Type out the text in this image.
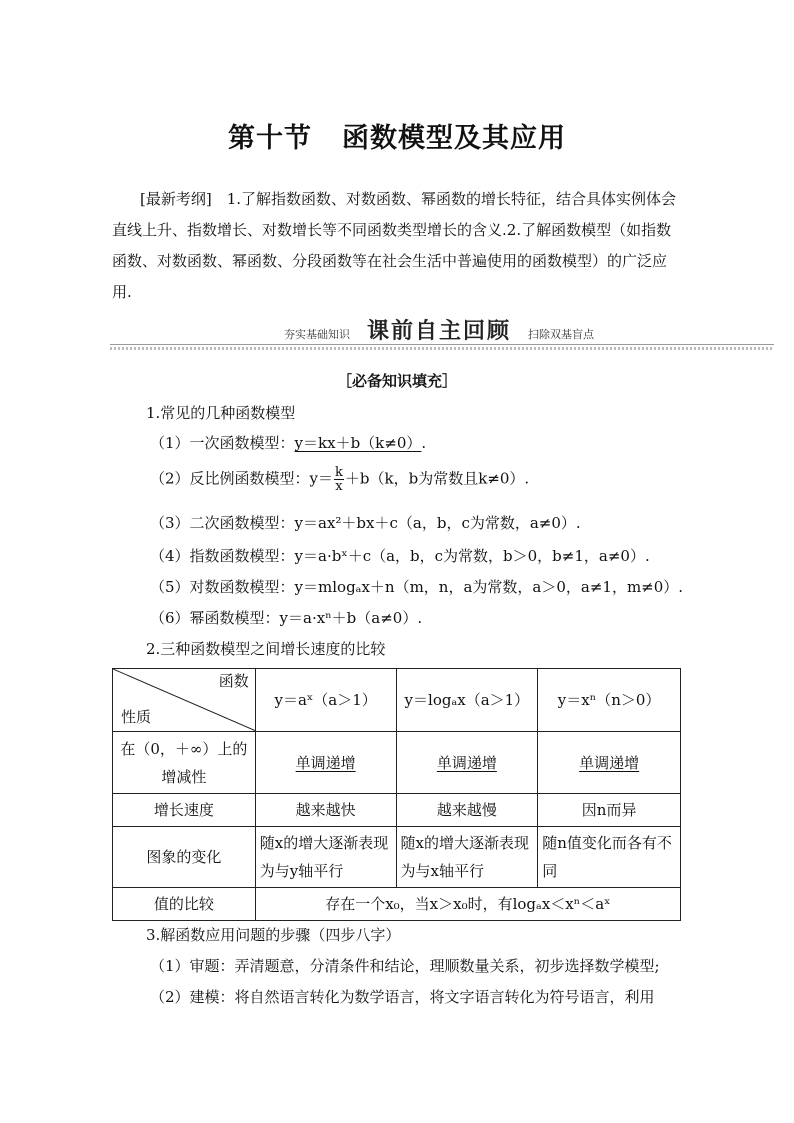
第十节 函数模型及其应用
[最新考纲]　1.了解指数函数、对数函数、幂函数的增长特征，结合具体实例体会直线上升、指数增长、对数增长等不同函数类型增长的含义.2.了解函数模型（如指数函数、对数函数、幂函数、分段函数等在社会生活中普遍使用的函数模型）的广泛应用.
夯实基础知识 课前自主回顾 扫除双基盲点
［必备知识填充］
1.常见的几种函数模型
（1）一次函数模型：y＝kx＋b（k≠0）.
（2）反比例函数模型：$y= \frac{k}{x} +b(k$，b为常数且k≠0）.
（3）二次函数模型：y＝ax²＋bx＋c（a，b，c为常数，a≠0）.
（4）指数函数模型：y＝a·bˣ＋c（a，b，c为常数，b＞0，b≠1，a≠0）.
（5）对数函数模型：y＝mlogₐx＋n（m，n，a为常数，a＞0，a≠1，m≠0）.
（6）幂函数模型：y＝a·xⁿ＋b（a≠0）.
2.三种函数模型之间增长速度的比较
函数
性质	y＝aˣ（a＞1）	y＝logₐx（a＞1）	y＝xⁿ（n＞0）
在（0，＋∞）上的增减性	单调递增	单调递增	单调递增
增长速度	越来越快	越来越慢	因n而异
图象的变化	随x的增大逐渐表现为与y轴平行	随x的增大逐渐表现为与x轴平行	随n值变化而各有不同
值的比较	存在一个x₀，当x＞x₀时，有logₐx＜xⁿ＜aˣ		
3.解函数应用问题的步骤（四步八字）
（1）审题：弄清题意，分清条件和结论，理顺数量关系，初步选择数学模型;
（2）建模：将自然语言转化为数学语言，将文字语言转化为符号语言，利用
